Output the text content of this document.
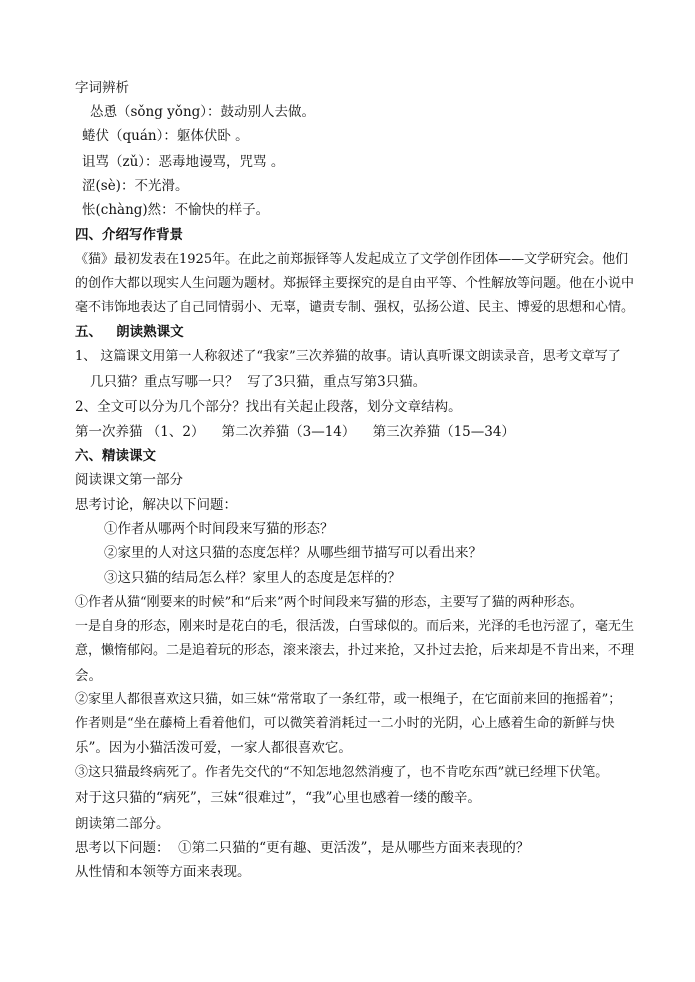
字词辨析
怂恿（sǒng yǒng）：鼓动别人去做。
蜷伏（quán）：躯体伏卧 。
诅骂（zǔ）：恶毒地谩骂，咒骂 。
涩(sè)：不光滑。
怅(chàng)然：不愉快的样子。
四、介绍写作背景
《猫》最初发表在1925年。在此之前郑振铎等人发起成立了文学创作团体——文学研究会。他们
的创作大都以现实人生问题为题材。郑振铎主要探究的是自由平等、个性解放等问题。他在小说中
毫不讳饰地表达了自己同情弱小、无辜，谴责专制、强权，弘扬公道、民主、博爱的思想和心情。
五、   朗读熟课文
1、 这篇课文用第一人称叙述了“我家”三次养猫的故事。请认真听课文朗读录音，思考文章写了
几只猫？重点写哪一只？  写了3只猫，重点写第3只猫。
2、全文可以分为几个部分？找出有关起止段落，划分文章结构。
第一次养猫 （1、2）    第二次养猫（3—14）    第三次养猫（15—34）
六、精读课文
阅读课文第一部分
思考讨论，解决以下问题：
①作者从哪两个时间段来写猫的形态？
②家里的人对这只猫的态度怎样？从哪些细节描写可以看出来？
③这只猫的结局怎么样？家里人的态度是怎样的？
①作者从猫“刚要来的时候”和“后来”两个时间段来写猫的形态，主要写了猫的两种形态。
一是自身的形态，刚来时是花白的毛，很活泼，白雪球似的。而后来，光泽的毛也污涩了，毫无生
意，懒惰郁闷。二是追着玩的形态，滚来滚去，扑过来抢，又扑过去抢，后来却是不肯出来，不理
会。
②家里人都很喜欢这只猫，如三妹“常常取了一条红带，或一根绳子，在它面前来回的拖摇着”；
作者则是“坐在藤椅上看着他们，可以微笑着消耗过一二小时的光阴，心上感着生命的新鲜与快
乐”。因为小猫活泼可爱，一家人都很喜欢它。
③这只猫最终病死了。作者先交代的“不知怎地忽然消瘦了，也不肯吃东西”就已经埋下伏笔。
对于这只猫的“病死”，三妹“很难过”，“我”心里也感着一缕的酸辛。
朗读第二部分。
思考以下问题：  ①第二只猫的“更有趣、更活泼”，是从哪些方面来表现的？
从性情和本领等方面来表现。
